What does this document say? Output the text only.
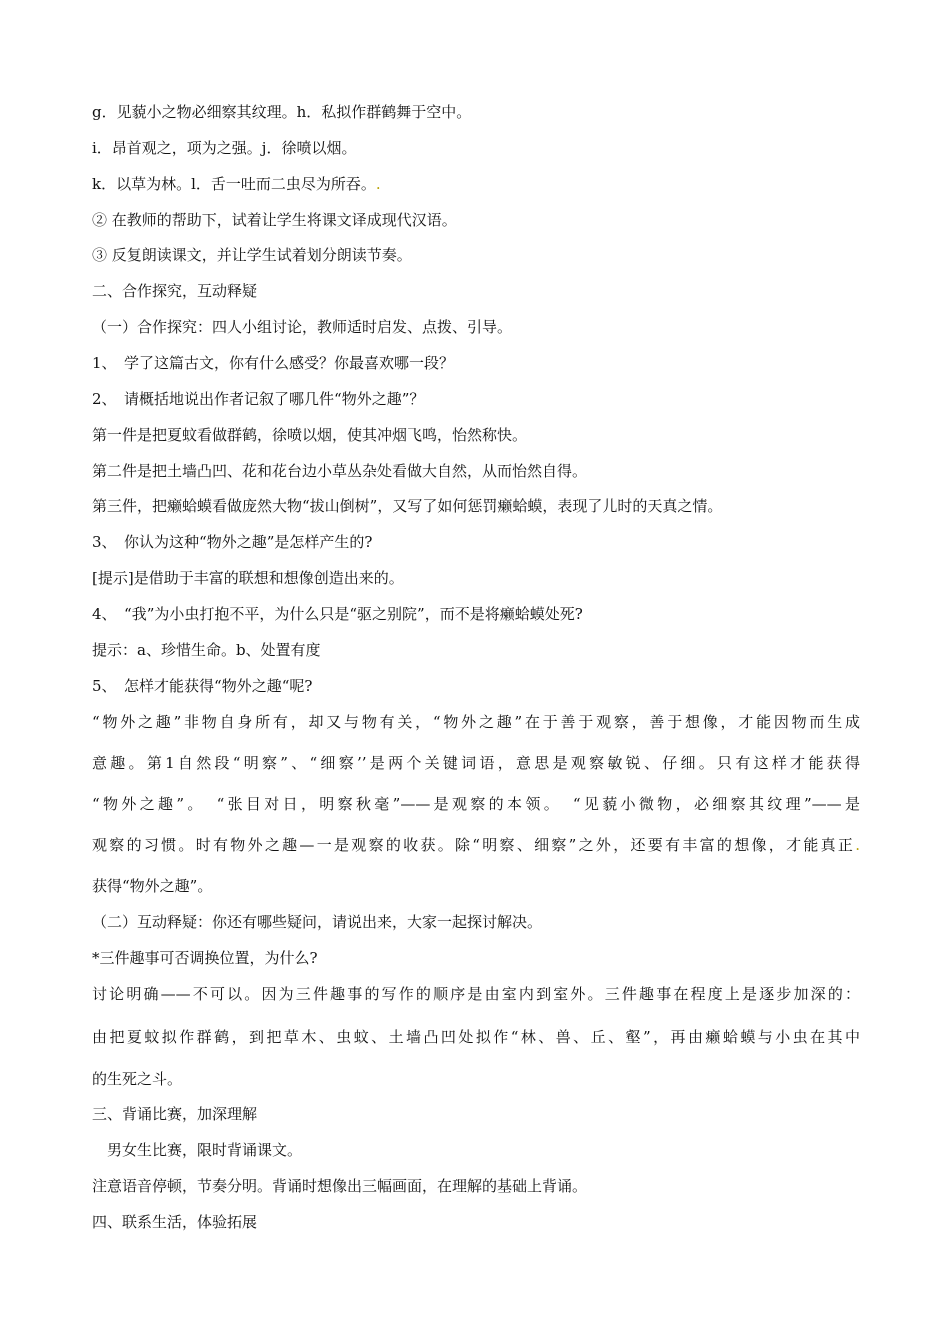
g．见藐小之物必细察其纹理。h．私拟作群鹤舞于空中。
i．昂首观之，项为之强。j．徐喷以烟。
k．以草为林。l．舌一吐而二虫尽为所吞。.
② 在教师的帮助下，试着让学生将课文译成现代汉语。
③ 反复朗读课文，并让学生试着划分朗读节奏。
二、合作探究，互动释疑
（一）合作探究：四人小组讨论，教师适时启发、点拨、引导。
1、　学了这篇古文，你有什么感受？你最喜欢哪一段？
2、　请概括地说出作者记叙了哪几件“物外之趣”？
第一件是把夏蚊看做群鹤，徐喷以烟，使其冲烟飞鸣，怡然称快。
第二件是把土墙凸凹、花和花台边小草丛杂处看做大自然，从而怡然自得。
第三件，把癞蛤蟆看做庞然大物“拔山倒树”，又写了如何惩罚癞蛤蟆，表现了儿时的天真之情。
3、　你认为这种“物外之趣”是怎样产生的?
[提示]是借助于丰富的联想和想像创造出来的。
4、　“我”为小虫打抱不平，为什么只是“驱之别院”，而不是将癞蛤蟆处死?
提示：a、珍惜生命。b、处置有度
5、　怎样才能获得“物外之趣“呢?
“物外之趣”非物自身所有，却又与物有关，“物外之趣”在于善于观察，善于想像，才能因物而生成
意趣。第1自然段“明察”、“细察’’是两个关键词语，意思是观察敏锐、仔细。只有这样才能获得
“物外之趣”。　“张目对日，明察秋毫”——是观察的本领。　“见藐小微物，必细察其纹理”——是
观察的习惯。时有物外之趣—一是观察的收获。除“明察、细察”之外，还要有丰富的想像，才能真正.
获得“物外之趣”。
（二）互动释疑：你还有哪些疑问，请说出来，大家一起探讨解决。
*三件趣事可否调换位置，为什么?
讨论明确——不可以。因为三件趣事的写作的顺序是由室内到室外。三件趣事在程度上是逐步加深的：
由把夏蚊拟作群鹤，到把草木、虫蚊、土墙凸凹处拟作“林、兽、丘、壑”，再由癞蛤蟆与小虫在其中
的生死之斗。
三、背诵比赛，加深理解
　男女生比赛，限时背诵课文。
注意语音停顿，节奏分明。背诵时想像出三幅画面，在理解的基础上背诵。
四、联系生活，体验拓展
